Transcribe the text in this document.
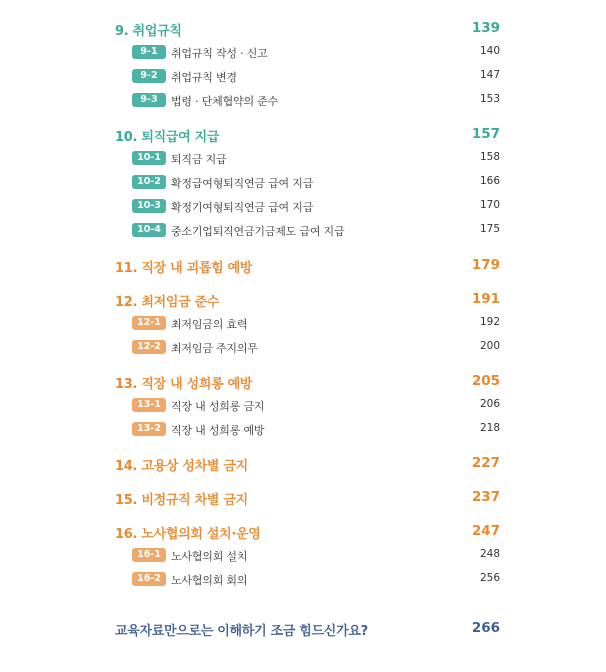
9. 취업규칙	139
9-1	취업규칙 작성 · 신고	140
9-2	취업규칙 변경	147
9-3	법령 · 단체협약의 준수	153
10. 퇴직급여 지급	157
10-1 퇴직금 지급	158
10-2 확정급여형퇴직연금 급여 지급	166
10-3 확정기여형퇴직연금 급여 지급	170
10-4 중소기업퇴직연금기금제도 급여 지급	175
11. 직장 내 괴롭힘 예방	179
12. 최저임금 준수	191
12-1 최저임금의 효력	192
12-2 최저임금 주지의무	200
13. 직장 내 성희롱 예방	205
13-1 직장 내 성희롱 금지	206
13-2 직장 내 성희롱 예방	218
14. 고용상 성차별 금지	227
15. 비정규직 차별 금지	237
16. 노사협의회 설치·운영	247
16-1 노사협의회 설치	248
16-2 노사협의회 회의	256
교육자료만으로는 이해하기 조금 힘드신가요?	266
